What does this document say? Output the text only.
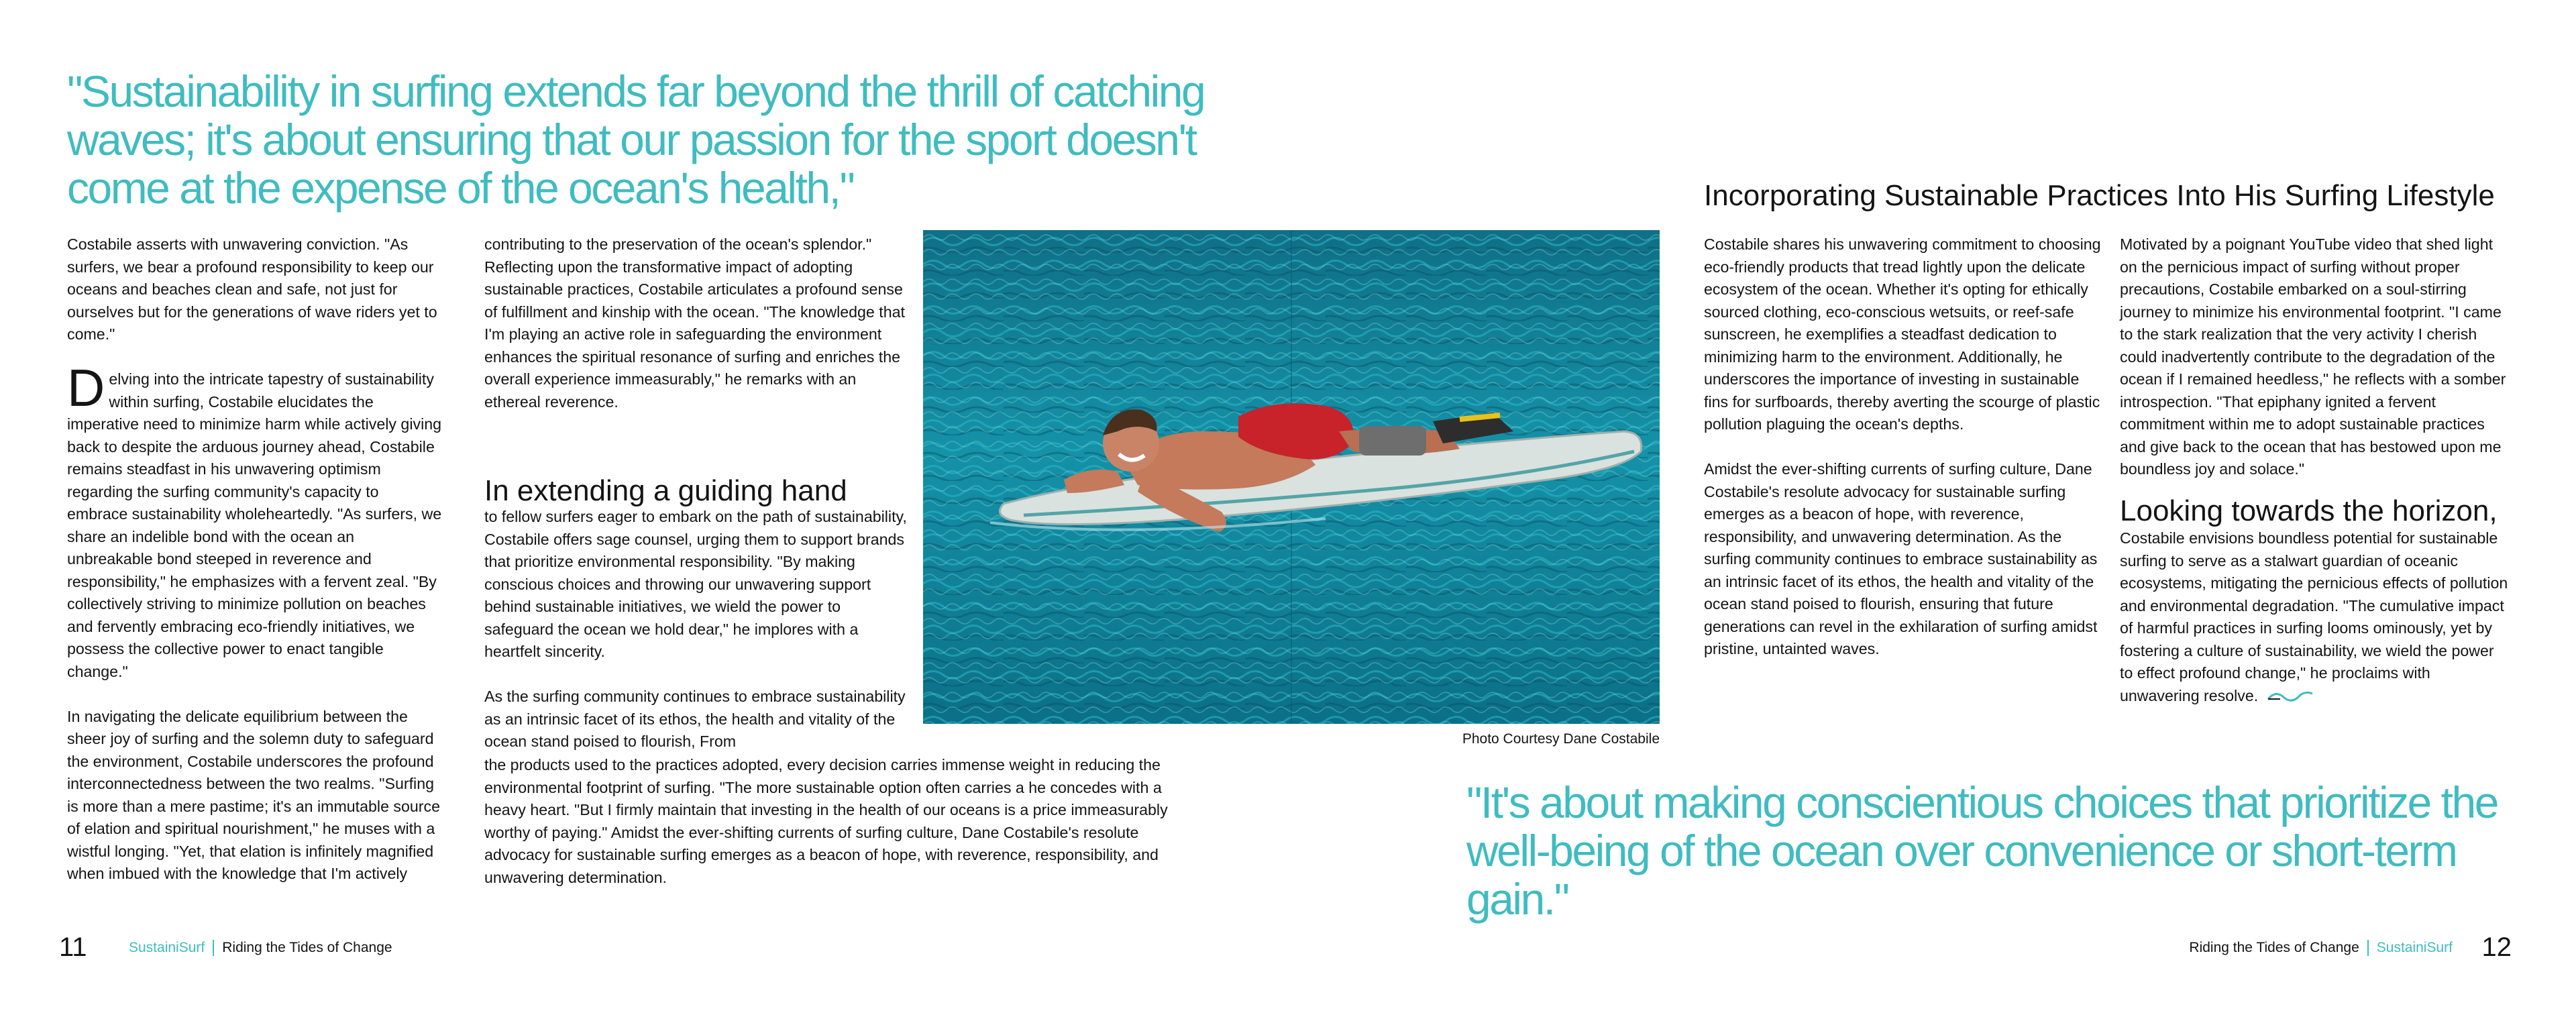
"Sustainability in surfing extends far beyond the thrill of catching waves; it's about ensuring that our passion for the sport doesn't come at the expense of the ocean's health,"

Costabile asserts with unwavering conviction. "As surfers, we bear a profound responsibility to keep our oceans and beaches clean and safe, not just for ourselves but for the generations of wave riders yet to come."

Delving into the intricate tapestry of sustainability within surfing, Costabile elucidates the imperative need to minimize harm while actively giving back to despite the arduous journey ahead, Costabile remains steadfast in his unwavering optimism regarding the surfing community's capacity to embrace sustainability wholeheartedly. "As surfers, we share an indelible bond with the ocean an unbreakable bond steeped in reverence and responsibility," he emphasizes with a fervent zeal. "By collectively striving to minimize pollution on beaches and fervently embracing eco-friendly initiatives, we possess the collective power to enact tangible change."

In navigating the delicate equilibrium between the sheer joy of surfing and the solemn duty to safeguard the environment, Costabile underscores the profound interconnectedness between the two realms. "Surfing is more than a mere pastime; it's an immutable source of elation and spiritual nourishment," he muses with a wistful longing. "Yet, that elation is infinitely magnified when imbued with the knowledge that I'm actively

contributing to the preservation of the ocean's splendor." Reflecting upon the transformative impact of adopting sustainable practices, Costabile articulates a profound sense of fulfillment and kinship with the ocean. "The knowledge that I'm playing an active role in safeguarding the environment enhances the spiritual resonance of surfing and enriches the overall experience immeasurably," he remarks with an ethereal reverence.

In extending a guiding hand

to fellow surfers eager to embark on the path of sustainability, Costabile offers sage counsel, urging them to support brands that prioritize environmental responsibility. "By making conscious choices and throwing our unwavering support behind sustainable initiatives, we wield the power to safeguard the ocean we hold dear," he implores with a heartfelt sincerity.

As the surfing community continues to embrace sustainability as an intrinsic facet of its ethos, the health and vitality of the ocean stand poised to flourish, From

the products used to the practices adopted, every decision carries immense weight in reducing the environmental footprint of surfing. "The more sustainable option often carries a he concedes with a heavy heart. "But I firmly maintain that investing in the health of our oceans is a price immeasurably worthy of paying." Amidst the ever-shifting currents of surfing culture, Dane Costabile's resolute advocacy for sustainable surfing emerges as a beacon of hope, with reverence, responsibility, and unwavering determination.

Photo Courtesy Dane Costabile
Incorporating Sustainable Practices Into His Surfing Lifestyle

Costabile shares his unwavering commitment to choosing eco-friendly products that tread lightly upon the delicate ecosystem of the ocean. Whether it's opting for ethically sourced clothing, eco-conscious wetsuits, or reef-safe sunscreen, he exemplifies a steadfast dedication to minimizing harm to the environment. Additionally, he underscores the importance of investing in sustainable fins for surfboards, thereby averting the scourge of plastic pollution plaguing the ocean's depths.

Amidst the ever-shifting currents of surfing culture, Dane Costabile's resolute advocacy for sustainable surfing emerges as a beacon of hope, with reverence, responsibility, and unwavering determination. As the surfing community continues to embrace sustainability as an intrinsic facet of its ethos, the health and vitality of the ocean stand poised to flourish, ensuring that future generations can revel in the exhilaration of surfing amidst pristine, untainted waves.

Motivated by a poignant YouTube video that shed light on the pernicious impact of surfing without proper precautions, Costabile embarked on a soul-stirring journey to minimize his environmental footprint. "I came to the stark realization that the very activity I cherish could inadvertently contribute to the degradation of the ocean if I remained heedless," he reflects with a somber introspection. "That epiphany ignited a fervent commitment within me to adopt sustainable practices and give back to the ocean that has bestowed upon me boundless joy and solace."

Looking towards the horizon,

Costabile envisions boundless potential for sustainable surfing to serve as a stalwart guardian of oceanic ecosystems, mitigating the pernicious effects of pollution and environmental degradation. "The cumulative impact of harmful practices in surfing looms ominously, yet by fostering a culture of sustainability, we wield the power to effect profound change," he proclaims with unwavering resolve.

"It's about making conscientious choices that prioritize the well-being of the ocean over convenience or short-term gain."
11	SustainiSurf Riding the Tides of Change	Riding the Tides of Change SustainiSurf 12
